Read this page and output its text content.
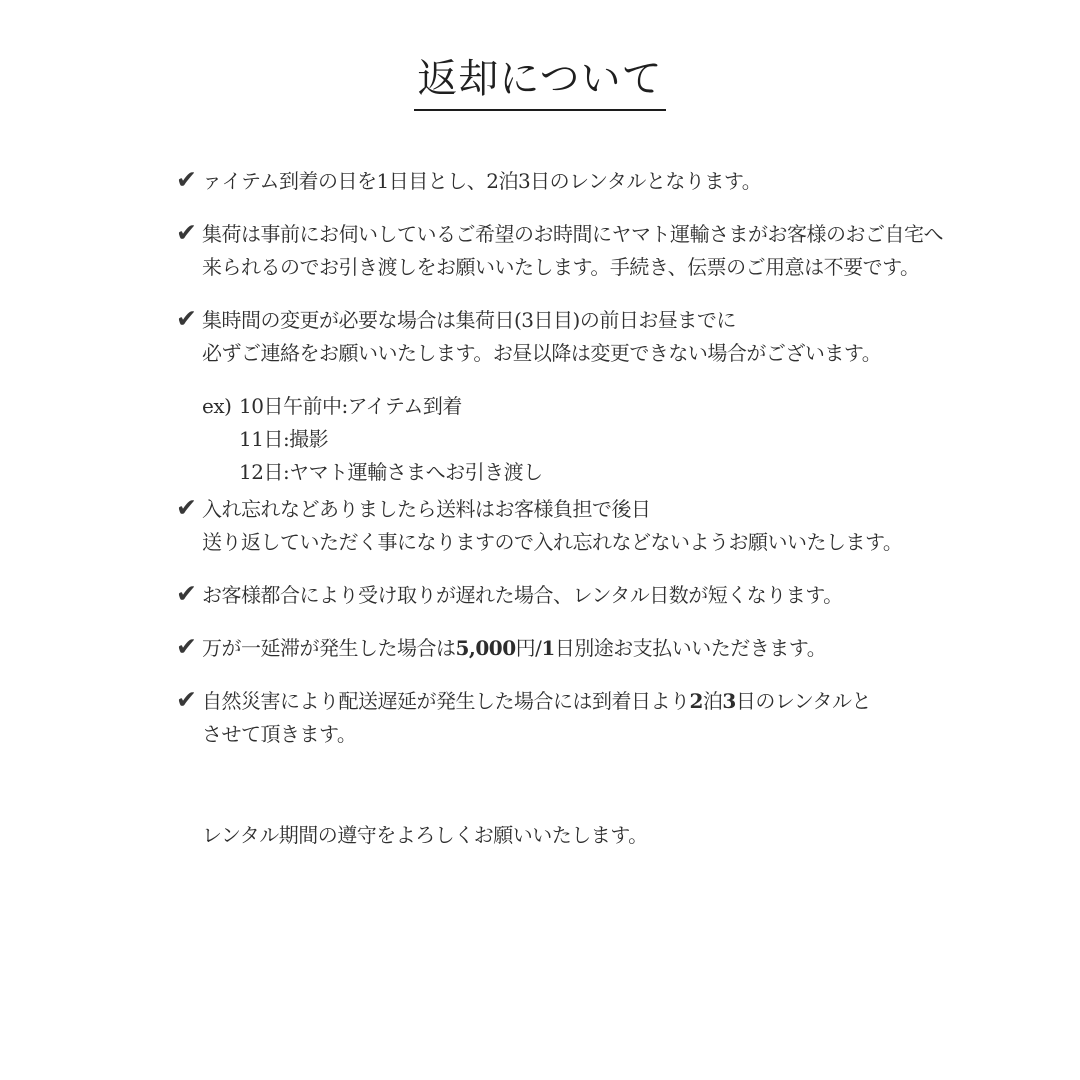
返却について
✔ ァイテム到着の日を1日目とし、2泊3日のレンタルとなります。
✔ 集荷は事前にお伺いしているご希望のお時間にヤマト運輸さまがお客様のおご自宅へ
来られるのでお引き渡しをお願いいたします。手続き、伝票のご用意は不要です。
✔ 集時間の変更が必要な場合は集荷日(3日目)の前日お昼までに
必ずご連絡をお願いいたします。お昼以降は変更できない場合がございます。
ex) 10日午前中:アイテム到着
11日:撮影
12日:ヤマト運輸さまへお引き渡し
✔ 入れ忘れなどありましたら送料はお客様負担で後日
送り返していただく事になりますので入れ忘れなどないようお願いいたします。
✔ お客様都合により受け取りが遅れた場合、レンタル日数が短くなります。
✔ 万が一延滞が発生した場合は5,000円/1日別途お支払いいただきます。
✔ 自然災害により配送遅延が発生した場合には到着日より2泊3日のレンタルと
させて頂きます。

レンタル期間の遵守をよろしくお願いいたします。
